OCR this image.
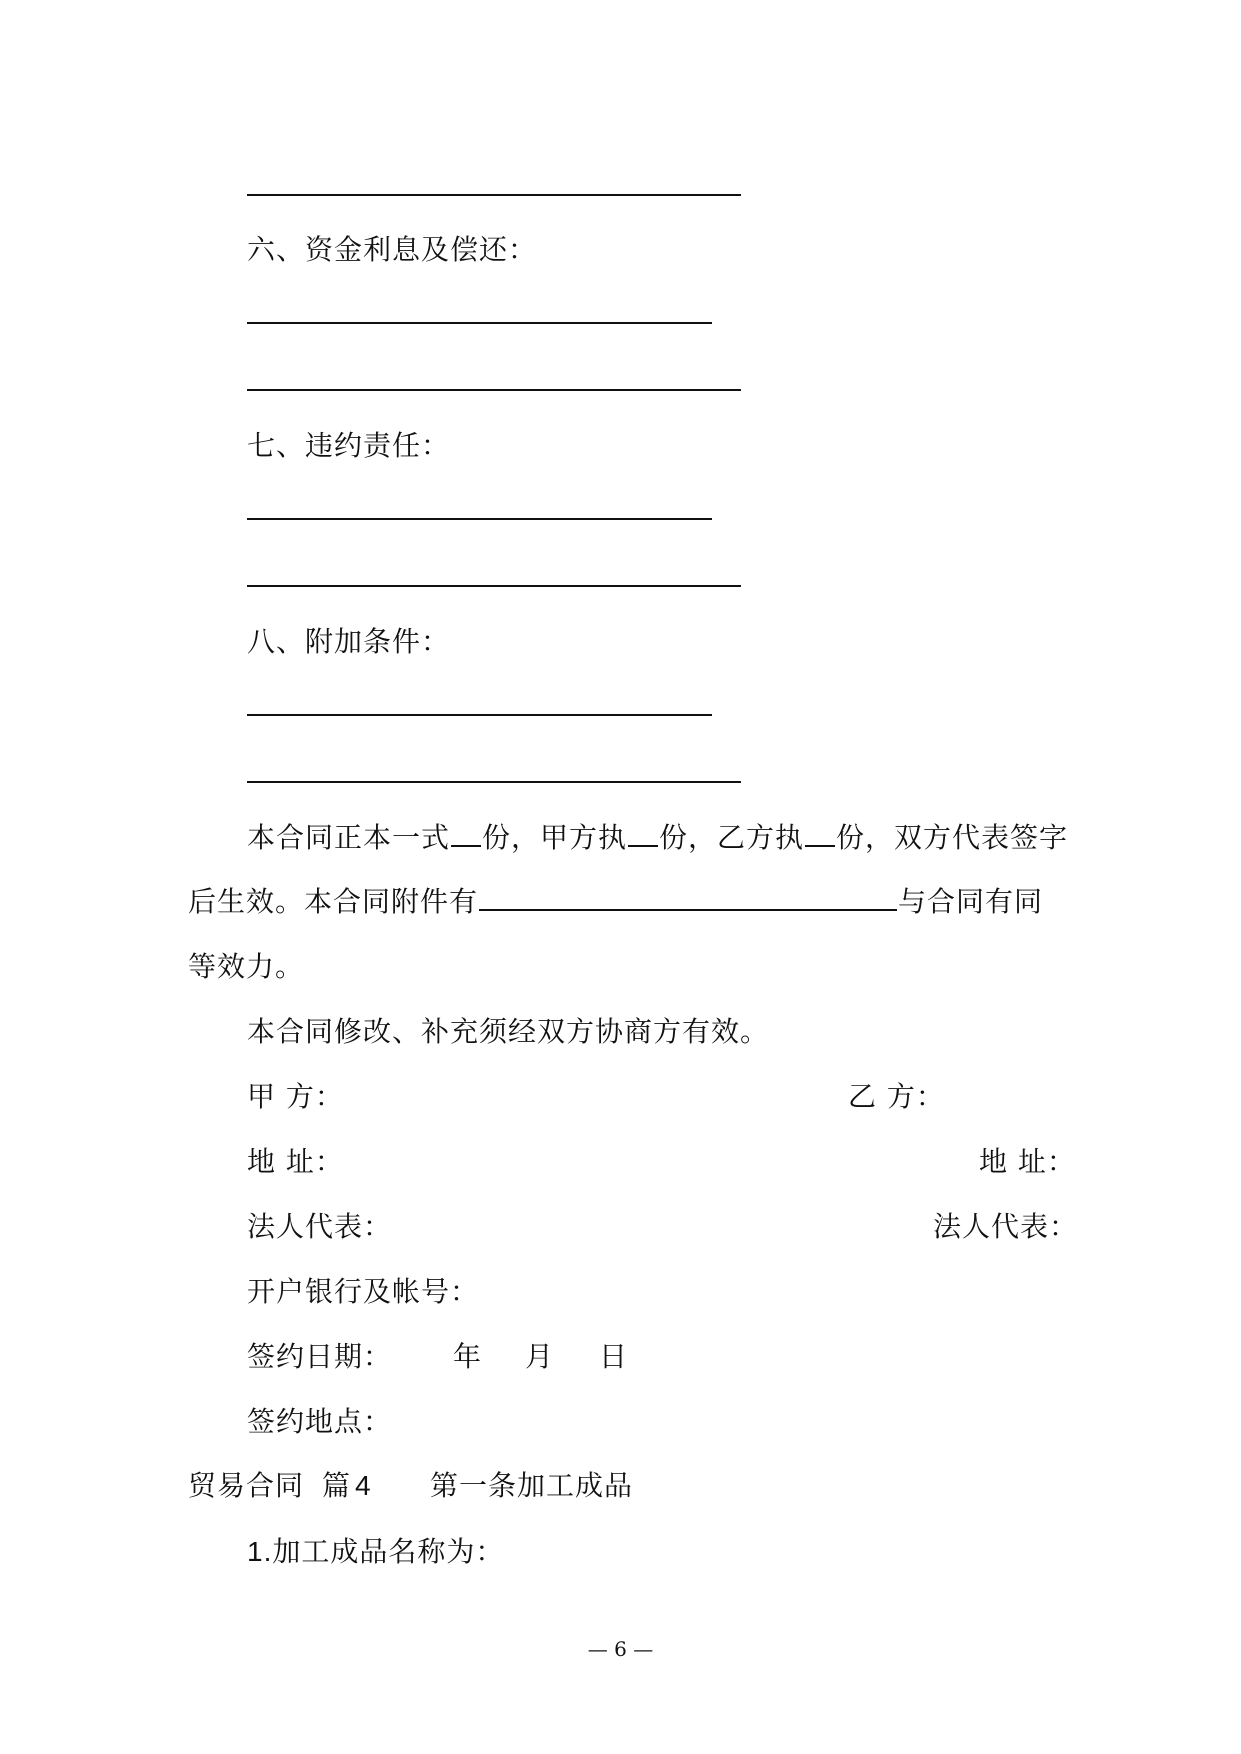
六、资金利息及偿还：
七、违约责任：
八、附加条件：
本合同正本一式 份，甲方执 份，乙方执 份，双方代表签字
后生效。本合同附件有	与合同有同
等效力。
本合同修改、补充须经双方协商方有效。
甲 方：	乙 方：
地 址：	地 址：
法人代表：	法人代表：
开户银行及帐号：
签约日期： 年 月 日
签约地点：
贸易合同 篇 4 第一条加工成品
1.加工成品名称为：
— 6 —
